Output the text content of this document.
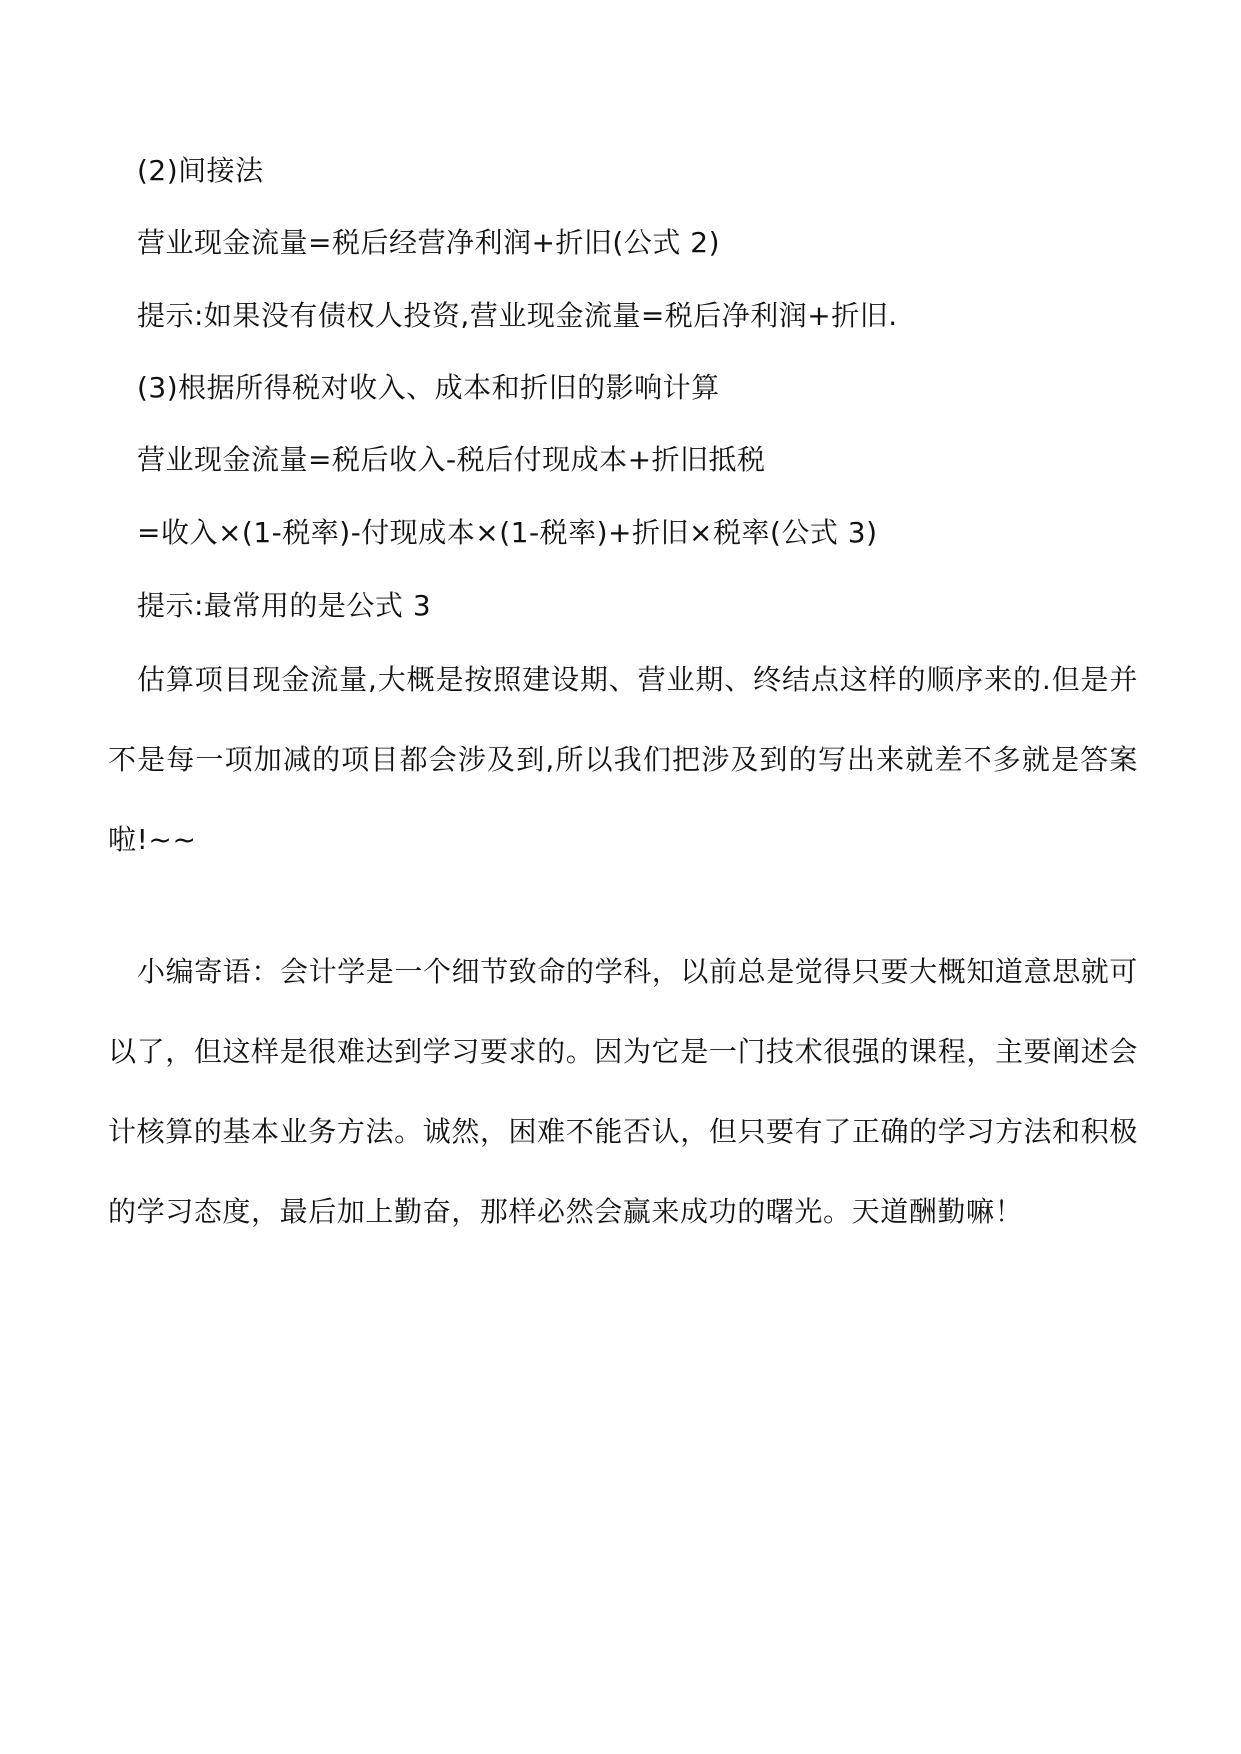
(2)间接法
营业现金流量=税后经营净利润+折旧(公式 2)
提示:如果没有债权人投资,营业现金流量=税后净利润+折旧.
(3)根据所得税对收入、成本和折旧的影响计算
营业现金流量=税后收入-税后付现成本+折旧抵税
=收入×(1-税率)-付现成本×(1-税率)+折旧×税率(公式 3)
提示:最常用的是公式 3

估算项目现金流量,大概是按照建设期、营业期、终结点这样的顺序来的.但是并不是每一项加减的项目都会涉及到,所以我们把涉及到的写出来就差不多就是答案啦!~~

小编寄语：会计学是一个细节致命的学科，以前总是觉得只要大概知道意思就可以了，但这样是很难达到学习要求的。因为它是一门技术很强的课程，主要阐述会计核算的基本业务方法。诚然，困难不能否认，但只要有了正确的学习方法和积极的学习态度，最后加上勤奋，那样必然会赢来成功的曙光。天道酬勤嘛！
